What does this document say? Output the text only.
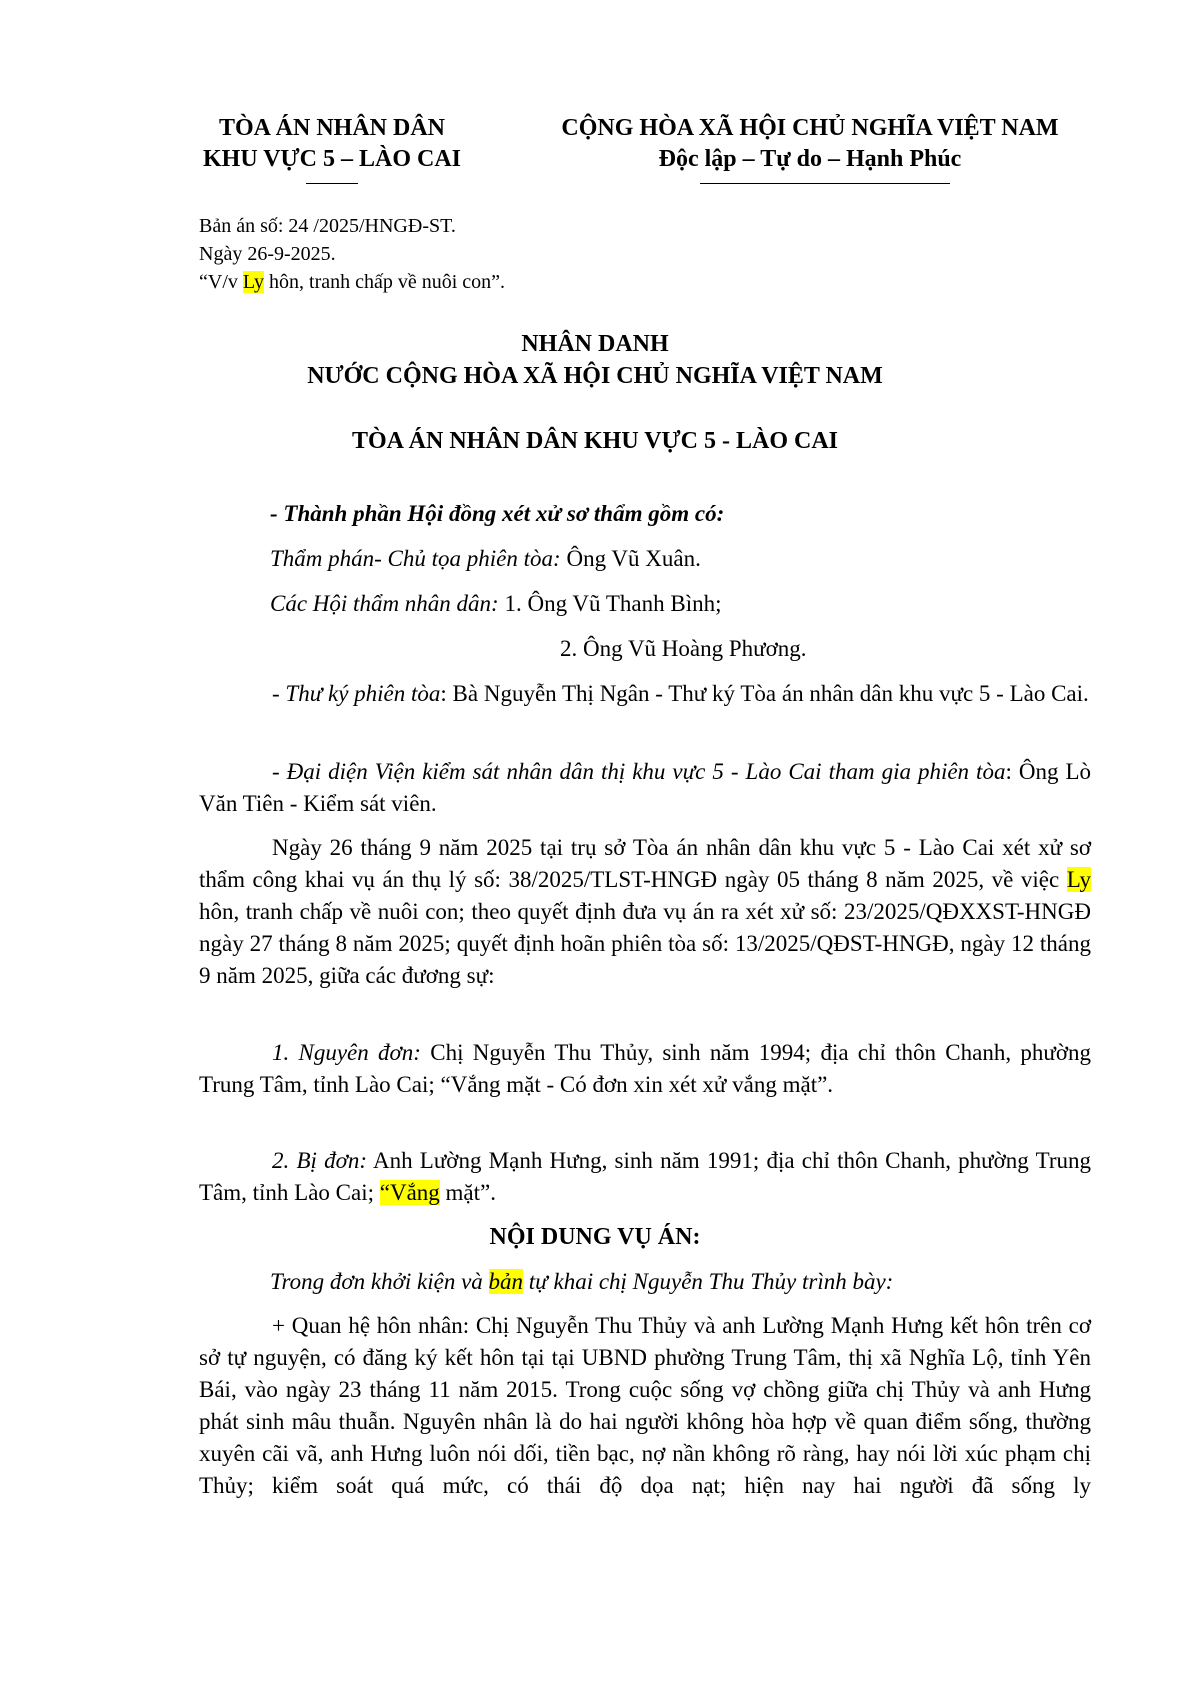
TÒA ÁN NHÂN DÂN
KHU VỰC 5 – LÀO CAI
CỘNG HÒA XÃ HỘI CHỦ NGHĨA VIỆT NAM
Độc lập – Tự do – Hạnh Phúc
Bản án số: 24 /2025/HNGĐ-ST.
Ngày 26-9-2025.
“V/v Ly hôn, tranh chấp về nuôi con”.
NHÂN DANH
NƯỚC CỘNG HÒA XÃ HỘI CHỦ NGHĨA VIỆT NAM
TÒA ÁN NHÂN DÂN KHU VỰC 5 - LÀO CAI

- Thành phần Hội đồng xét xử sơ thẩm gồm có:

Thẩm phán- Chủ tọa phiên tòa: Ông Vũ Xuân.

Các Hội thẩm nhân dân: 1. Ông Vũ Thanh Bình;

2. Ông Vũ Hoàng Phương.

- Thư ký phiên tòa: Bà Nguyễn Thị Ngân - Thư ký Tòa án nhân dân khu vực 5 - Lào Cai.

- Đại diện Viện kiểm sát nhân dân thị khu vực 5 - Lào Cai tham gia phiên tòa: Ông Lò Văn Tiên - Kiểm sát viên.

Ngày 26 tháng 9 năm 2025 tại trụ sở Tòa án nhân dân khu vực 5 - Lào Cai xét xử sơ thẩm công khai vụ án thụ lý số: 38/2025/TLST-HNGĐ ngày 05 tháng 8 năm 2025, về việc Ly hôn, tranh chấp về nuôi con; theo quyết định đưa vụ án ra xét xử số: 23/2025/QĐXXST-HNGĐ ngày 27 tháng 8 năm 2025; quyết định hoãn phiên tòa số: 13/2025/QĐST-HNGĐ, ngày 12 tháng 9 năm 2025, giữa các đương sự:

1. Nguyên đơn: Chị Nguyễn Thu Thủy, sinh năm 1994; địa chỉ thôn Chanh, phường Trung Tâm, tỉnh Lào Cai; “Vắng mặt - Có đơn xin xét xử vắng mặt”.

2. Bị đơn: Anh Lường Mạnh Hưng, sinh năm 1991; địa chỉ thôn Chanh, phường Trung Tâm, tỉnh Lào Cai; “Vắng mặt”.

NỘI DUNG VỤ ÁN:

Trong đơn khởi kiện và bản tự khai chị Nguyễn Thu Thủy trình bày:

+ Quan hệ hôn nhân: Chị Nguyễn Thu Thủy và anh Lường Mạnh Hưng kết hôn trên cơ sở tự nguyện, có đăng ký kết hôn tại tại UBND phường Trung Tâm, thị xã Nghĩa Lộ, tỉnh Yên Bái, vào ngày 23 tháng 11 năm 2015. Trong cuộc sống vợ chồng giữa chị Thủy và anh Hưng phát sinh mâu thuẫn. Nguyên nhân là do hai người không hòa hợp về quan điểm sống, thường xuyên cãi vã, anh Hưng luôn nói dối, tiền bạc, nợ nần không rõ ràng, hay nói lời xúc phạm chị Thủy; kiểm soát quá mức, có thái độ dọa nạt; hiện nay hai người đã sống ly
